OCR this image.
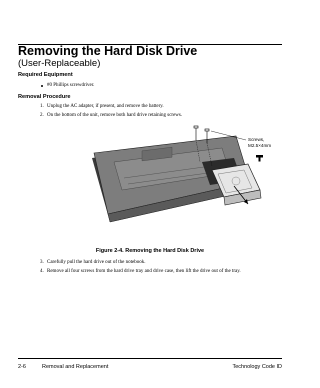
Removing the Hard Disk Drive
(User-Replaceable)
Required Equipment
#0 Phillips screwdriver.
Removal Procedure
1. Unplug the AC adapter, if present, and remove the battery.
2. On the bottom of the unit, remove both hard drive retaining screws.
Screws,
M2.5×4mm
Figure 2-4. Removing the Hard Disk Drive
3. Carefully pull the hard drive out of the notebook.
4. Remove all four screws from the hard drive tray and drive case, then lift the drive out of the tray.
2-6	Removal and Replacement	Technology Code ID
